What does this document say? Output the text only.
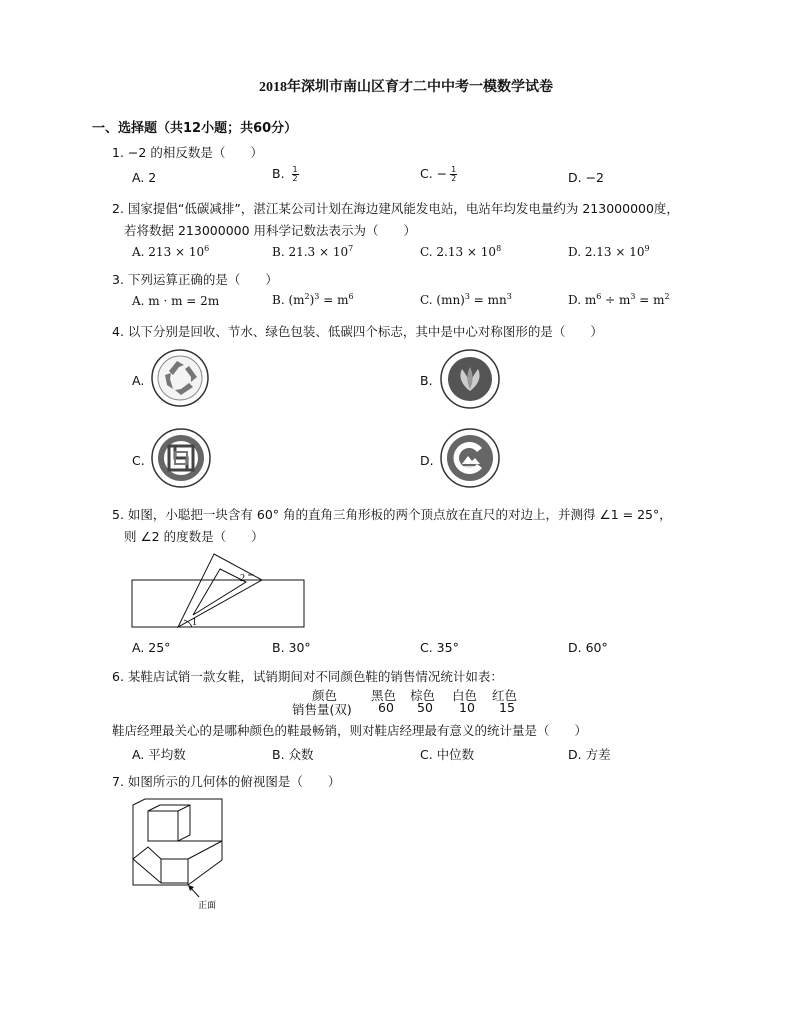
2018年深圳市南山区育才二中中考一模数学试卷
一、选择题（共12小题；共60分）
1. −2 的相反数是（　　）
A. 2	B. $\frac{1}{2}$	C. − $\frac{1}{2}$	D. −2
2. 国家提倡“低碳减排”，湛江某公司计划在海边建风能发电站，电站年均发电量约为 213000000度，
若将数据 213000000 用科学记数法表示为（　　）
A. $213 \times 10^6$	B. $21.3 \times 10^7$	C. $2.13 \times 10^8$	D. $2.13 \times 10^9$
3. 下列运算正确的是（　　）
A. m · m = 2m	B. $(m^2)^3 = m^6$	C. $(mn)^3 = mn^3$	D. $m^6 \div m^3 = m^2$
4. 以下分别是回收、节水、绿色包装、低碳四个标志，其中是中心对称图形的是（　　）
A.	B.
C.	D.
5. 如图，小聪把一块含有 60° 角的直角三角形板的两个顶点放在直尺的对边上，并测得 ∠1 = 25°，
则 ∠2 的度数是（　　）
1
2
A. 25°	B. 30°	C. 35°	D. 60°
6. 某鞋店试销一款女鞋，试销期间对不同颜色鞋的销售情况统计如表：
颜色	黑色 棕色 白色 红色
销售量(双) 60 50 10 15
鞋店经理最关心的是哪种颜色的鞋最畅销，则对鞋店经理最有意义的统计量是（　　）
A. 平均数	B. 众数	C. 中位数	D. 方差
7. 如图所示的几何体的俯视图是（　　）
正面
